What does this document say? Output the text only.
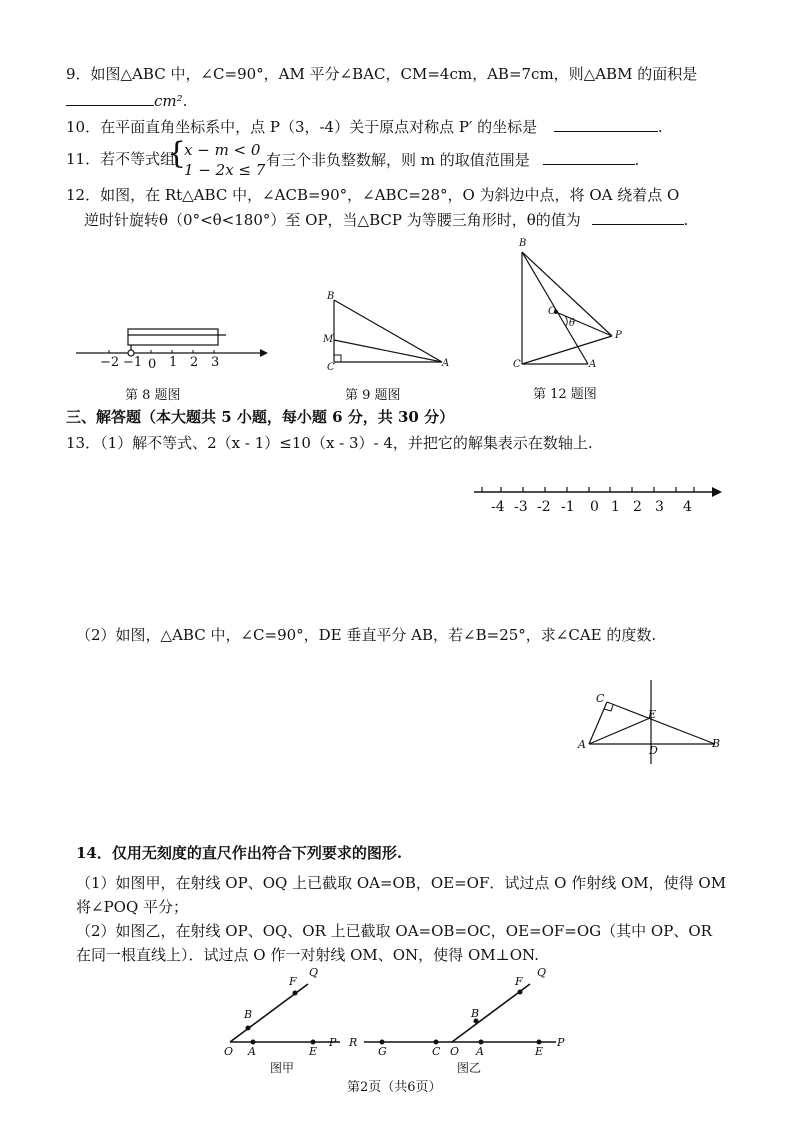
9．如图△ABC 中，∠C=90°，AM 平分∠BAC，CM=4cm，AB=7cm，则△ABM 的面积是
cm².
10．在平面直角坐标系中，点 P（3，-4）关于原点对称点 P′ 的坐标是	.
11．若不等式组
{
x − m < 0
1 − 2x ≤ 7
有三个非负整数解，则 m 的取值范围是	.
12．如图，在 Rt△ABC 中，∠ACB=90°，∠ABC=28°，O 为斜边中点，将 OA 绕着点 O
逆时针旋转θ（0°<θ<180°）至 OP，当△BCP 为等腰三角形时，θ的值为	.
−2 −1 0 1 2 3
第 8 题图
B
M
C	A
第 9 题图
B
O
θ
P
C	A
第 12 题图
三、解答题（本大题共 5 小题，每小题 6 分，共 30 分）
13．（1）解不等式、2（x - 1）≤10（x - 3）- 4，并把它的解集表示在数轴上.
-4 -3 -2 -1 0 1 2 3 4
（2）如图，△ABC 中，∠C=90°，DE 垂直平分 AB，若∠B=25°，求∠CAE 的度数.
C
E
A	D
B
14．仅用无刻度的直尺作出符合下列要求的图形.
（1）如图甲，在射线 OP、OQ 上已截取 OA=OB，OE=OF．试过点 O 作射线 OM，使得 OM
将∠POQ 平分；
（2）如图乙，在射线 OP、OQ、OR 上已截取 OA=OB=OC，OE=OF=OG（其中 OP、OR
在同一根直线上）．试过点 O 作一对射线 OM、ON，使得 OM⊥ON.
F
Q
B
O A	E
P
图甲
R
G	C O A	E
P
F
Q
B
图乙
第2页（共6页）
